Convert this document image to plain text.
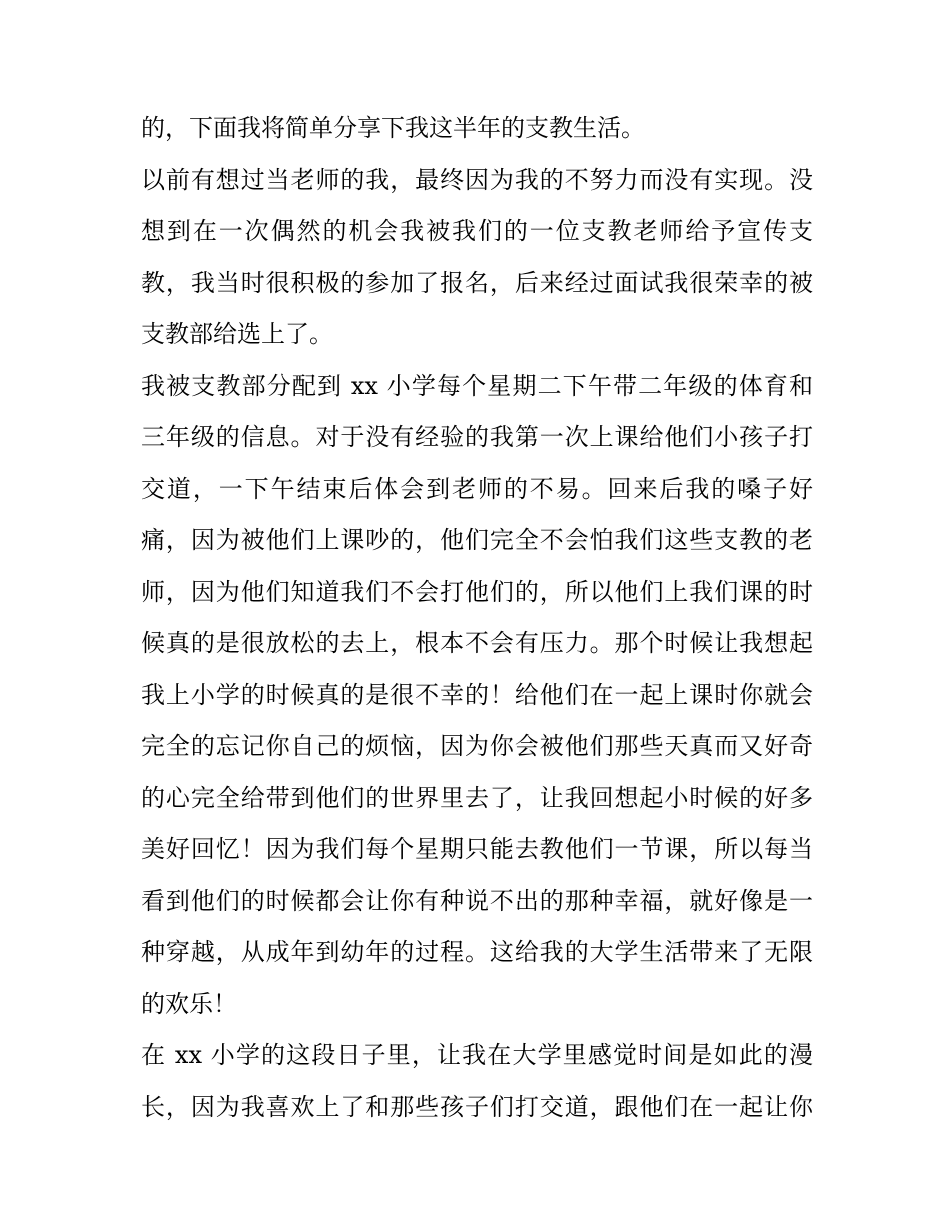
的，下面我将简单分享下我这半年的支教生活。
以前有想过当老师的我，最终因为我的不努力而没有实现。没
想到在一次偶然的机会我被我们的一位支教老师给予宣传支
教，我当时很积极的参加了报名，后来经过面试我很荣幸的被
支教部给选上了。
我被支教部分配到 xx 小学每个星期二下午带二年级的体育和
三年级的信息。对于没有经验的我第一次上课给他们小孩子打
交道，一下午结束后体会到老师的不易。回来后我的嗓子好
痛，因为被他们上课吵的，他们完全不会怕我们这些支教的老
师，因为他们知道我们不会打他们的，所以他们上我们课的时
候真的是很放松的去上，根本不会有压力。那个时候让我想起
我上小学的时候真的是很不幸的！给他们在一起上课时你就会
完全的忘记你自己的烦恼，因为你会被他们那些天真而又好奇
的心完全给带到他们的世界里去了，让我回想起小时候的好多
美好回忆！因为我们每个星期只能去教他们一节课，所以每当
看到他们的时候都会让你有种说不出的那种幸福，就好像是一
种穿越，从成年到幼年的过程。这给我的大学生活带来了无限
的欢乐！
在 xx 小学的这段日子里，让我在大学里感觉时间是如此的漫
长，因为我喜欢上了和那些孩子们打交道，跟他们在一起让你
